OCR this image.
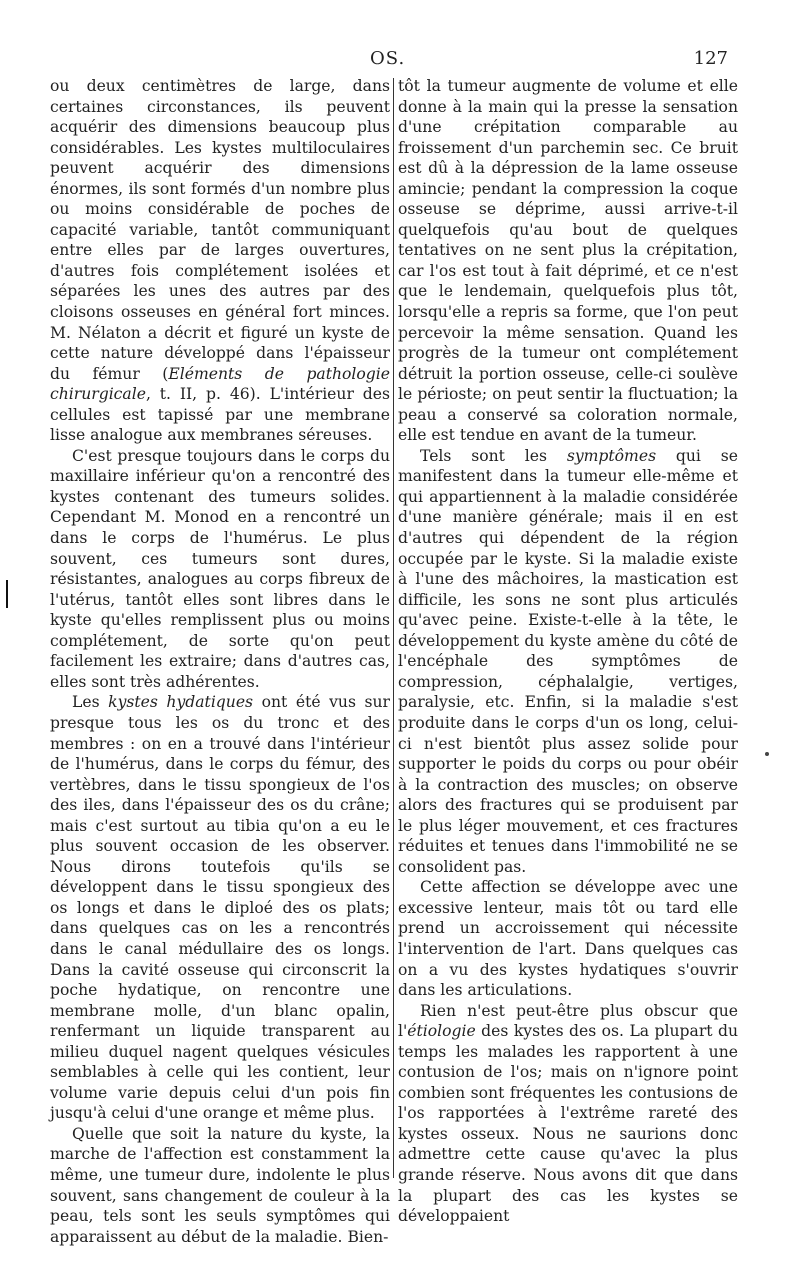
OS.	127

ou deux centimètres de large, dans certaines circonstances, ils peuvent acquérir des dimensions beaucoup plus considérables. Les kystes multiloculaires peuvent acquérir des dimensions énormes, ils sont formés d'un nombre plus ou moins considérable de poches de capacité variable, tantôt communiquant entre elles par de larges ouvertures, d'autres fois complétement isolées et séparées les unes des autres par des cloisons osseuses en général fort minces. M. Nélaton a décrit et figuré un kyste de cette nature développé dans l'épaisseur du fémur (Eléments de pathologie chirurgicale, t. II, p. 46). L'intérieur des cellules est tapissé par une membrane lisse analogue aux membranes séreuses.

C'est presque toujours dans le corps du maxillaire inférieur qu'on a rencontré des kystes contenant des tumeurs solides. Cependant M. Monod en a rencontré un dans le corps de l'humérus. Le plus souvent, ces tumeurs sont dures, résistantes, analogues au corps fibreux de l'utérus, tantôt elles sont libres dans le kyste qu'elles remplissent plus ou moins complétement, de sorte qu'on peut facilement les extraire; dans d'autres cas, elles sont très adhérentes.

Les kystes hydatiques ont été vus sur presque tous les os du tronc et des membres : on en a trouvé dans l'intérieur de l'humérus, dans le corps du fémur, des vertèbres, dans le tissu spongieux de l'os des iles, dans l'épaisseur des os du crâne; mais c'est surtout au tibia qu'on a eu le plus souvent occasion de les observer. Nous dirons toutefois qu'ils se développent dans le tissu spongieux des os longs et dans le diploé des os plats; dans quelques cas on les a rencontrés dans le canal médullaire des os longs. Dans la cavité osseuse qui circonscrit la poche hydatique, on rencontre une membrane molle, d'un blanc opalin, renfermant un liquide transparent au milieu duquel nagent quelques vésicules semblables à celle qui les contient, leur volume varie depuis celui d'un pois fin jusqu'à celui d'une orange et même plus.

Quelle que soit la nature du kyste, la marche de l'affection est constamment la même, une tumeur dure, indolente le plus souvent, sans changement de couleur à la peau, tels sont les seuls symptômes qui apparaissent au début de la maladie. Bien-

tôt la tumeur augmente de volume et elle donne à la main qui la presse la sensation d'une crépitation comparable au froissement d'un parchemin sec. Ce bruit est dû à la dépression de la lame osseuse amincie; pendant la compression la coque osseuse se déprime, aussi arrive-t-il quelquefois qu'au bout de quelques tentatives on ne sent plus la crépitation, car l'os est tout à fait déprimé, et ce n'est que le lendemain, quelquefois plus tôt, lorsqu'elle a repris sa forme, que l'on peut percevoir la même sensation. Quand les progrès de la tumeur ont complétement détruit la portion osseuse, celle-ci soulève le périoste; on peut sentir la fluctuation; la peau a conservé sa coloration normale, elle est tendue en avant de la tumeur.

Tels sont les symptômes qui se manifestent dans la tumeur elle-même et qui appartiennent à la maladie considérée d'une manière générale; mais il en est d'autres qui dépendent de la région occupée par le kyste. Si la maladie existe à l'une des mâchoires, la mastication est difficile, les sons ne sont plus articulés qu'avec peine. Existe-t-elle à la tête, le développement du kyste amène du côté de l'encéphale des symptômes de compression, céphalalgie, vertiges, paralysie, etc. Enfin, si la maladie s'est produite dans le corps d'un os long, celui-ci n'est bientôt plus assez solide pour supporter le poids du corps ou pour obéir à la contraction des muscles; on observe alors des fractures qui se produisent par le plus léger mouvement, et ces fractures réduites et tenues dans l'immobilité ne se consolident pas.

Cette affection se développe avec une excessive lenteur, mais tôt ou tard elle prend un accroissement qui nécessite l'intervention de l'art. Dans quelques cas on a vu des kystes hydatiques s'ouvrir dans les articulations.

Rien n'est peut-être plus obscur que l'étiologie des kystes des os. La plupart du temps les malades les rapportent à une contusion de l'os; mais on n'ignore point combien sont fréquentes les contusions de l'os rapportées à l'extrême rareté des kystes osseux. Nous ne saurions donc admettre cette cause qu'avec la plus grande réserve. Nous avons dit que dans la plupart des cas les kystes se développaient
